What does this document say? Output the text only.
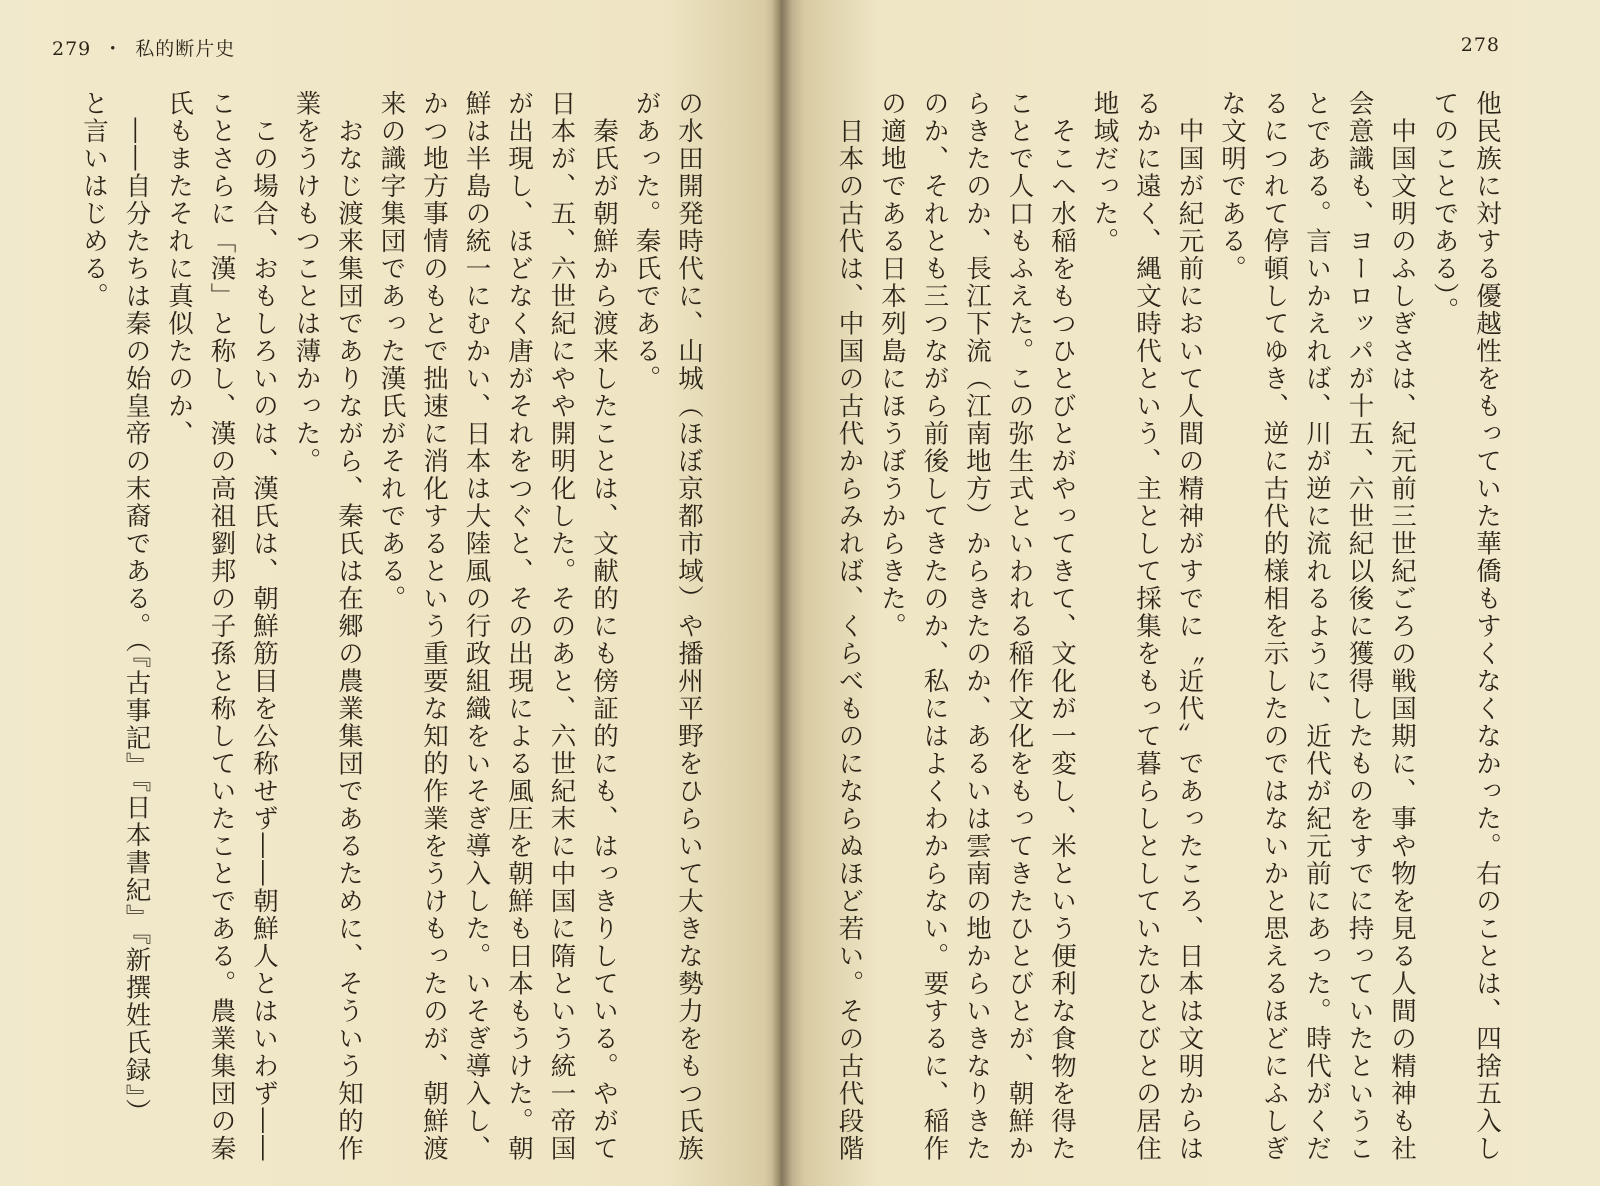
279 ・ 私的断片史
の水田開発時代に、山城（ほぼ京都市域）や播州平野をひらいて大きな勢力をもつ氏族
があった。秦氏である。
　秦氏が朝鮮から渡来したことは、文献的にも傍証的にも、はっきりしている。やがて
日本が、五、六世紀にやや開明化した。そのあと、六世紀末に中国に隋という統一帝国
が出現し、ほどなく唐がそれをつぐと、その出現による風圧を朝鮮も日本もうけた。朝
鮮は半島の統一にむかい、日本は大陸風の行政組織をいそぎ導入した。いそぎ導入し、
かつ地方事情のもとで拙速に消化するという重要な知的作業をうけもったのが、朝鮮渡
来の識字集団であった漢氏がそれである。
　おなじ渡来集団でありながら、秦氏は在郷の農業集団であるために、そういう知的作
業をうけもつことは薄かった。
　この場合、おもしろいのは、漢氏は、朝鮮筋目を公称せず――朝鮮人とはいわず――
ことさらに「漢」と称し、漢の高祖劉邦の子孫と称していたことである。農業集団の秦
氏もまたそれに真似たのか、
　――自分たちは秦の始皇帝の末裔である。（『古事記』『日本書紀』『新撰姓氏録』）
と言いはじめる。
278
他民族に対する優越性をもっていた華僑もすくなくなかった。右のことは、四捨五入し
てのことである）。
　中国文明のふしぎさは、紀元前三世紀ごろの戦国期に、事や物を見る人間の精神も社
会意識も、ヨーロッパが十五、六世紀以後に獲得したものをすでに持っていたというこ
とである。言いかえれば、川が逆に流れるように、近代が紀元前にあった。時代がくだ
るにつれて停頓してゆき、逆に古代的様相を示したのではないかと思えるほどにふしぎ
な文明である。
　中国が紀元前において人間の精神がすでに〝近代〟であったころ、日本は文明からは
るかに遠く、縄文時代という、主として採集をもって暮らしとしていたひとびとの居住
地域だった。
　そこへ水稲をもつひとびとがやってきて、文化が一変し、米という便利な食物を得た
ことで人口もふえた。この弥生式といわれる稲作文化をもってきたひとびとが、朝鮮か
らきたのか、長江下流（江南地方）からきたのか、あるいは雲南の地からいきなりきた
のか、それとも三つながら前後してきたのか、私にはよくわからない。要するに、稲作
の適地である日本列島にほうぼうからきた。
　日本の古代は、中国の古代からみれば、くらべものにならぬほど若い。その古代段階
